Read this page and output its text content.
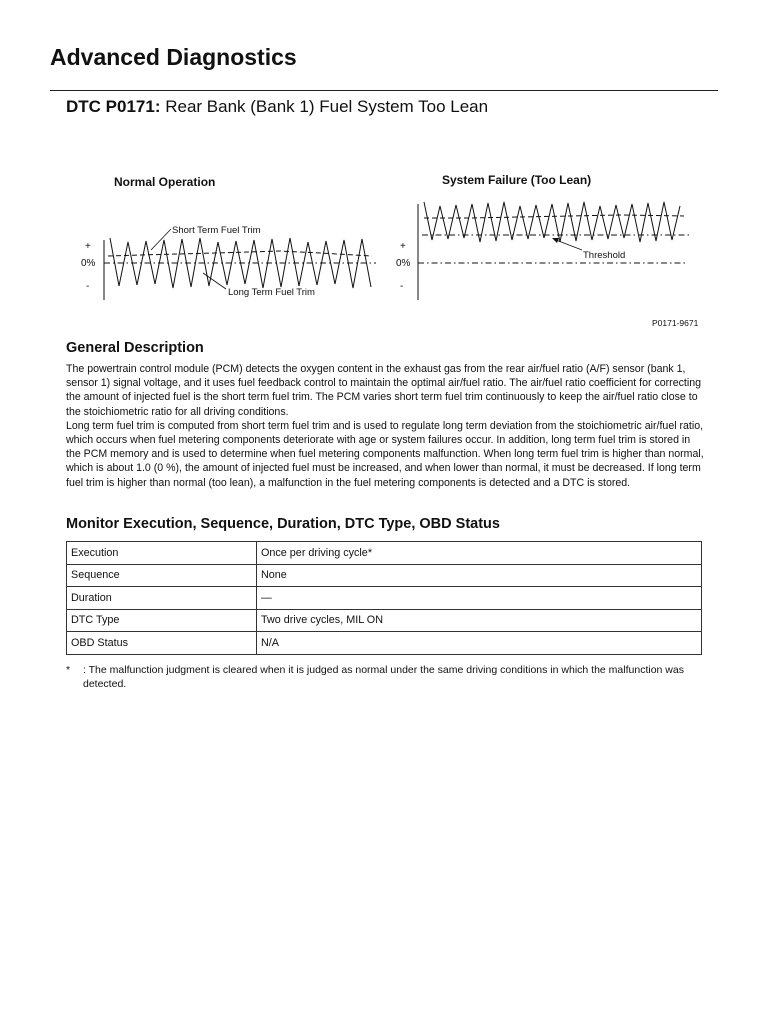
Advanced Diagnostics
DTC P0171: Rear Bank (Bank 1) Fuel System Too Lean
Normal Operation
+
0%
-
Short Term Fuel Trim
Long Term Fuel Trim
System Failure (Too Lean)
+
0%
-
Threshold
P0171-9671
General Description

The powertrain control module (PCM) detects the oxygen content in the exhaust gas from the rear air/fuel ratio (A/F) sensor (bank 1, sensor 1) signal voltage, and it uses fuel feedback control to maintain the optimal air/fuel ratio. The air/fuel ratio coefficient for correcting the amount of injected fuel is the short term fuel trim. The PCM varies short term fuel trim continuously to keep the air/fuel ratio close to the stoichiometric ratio for all driving conditions.

Long term fuel trim is computed from short term fuel trim and is used to regulate long term deviation from the stoichiometric air/fuel ratio, which occurs when fuel metering components deteriorate with age or system failures occur. In addition, long term fuel trim is stored in the PCM memory and is used to determine when fuel metering components malfunction. When long term fuel trim is higher than normal, which is about 1.0 (0 %), the amount of injected fuel must be increased, and when lower than normal, it must be decreased. If long term fuel trim is higher than normal (too lean), a malfunction in the fuel metering components is detected and a DTC is stored.

Monitor Execution, Sequence, Duration, DTC Type, OBD Status
Execution	Once per driving cycle*
Sequence	None
Duration	—
DTC Type	Two drive cycles, MIL ON
OBD Status	N/A
* : The malfunction judgment is cleared when it is judged as normal under the same driving conditions in which the malfunction was detected.
